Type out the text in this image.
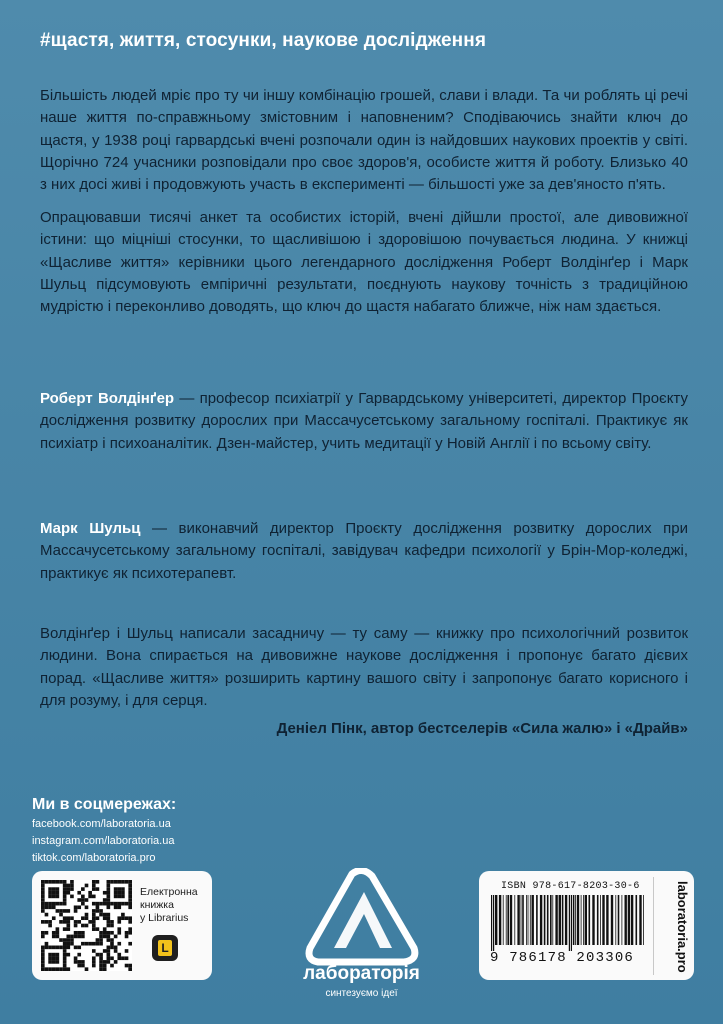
#щастя, життя, стосунки, наукове дослідження
Більшість людей мріє про ту чи іншу комбінацію грошей, слави і влади. Та чи роблять ці речі наше життя по-справжньому змістовним і наповненим? Сподіваючись знайти ключ до щастя, у 1938 році гарвардські вчені розпочали один із найдовших наукових проектів у світі. Щорічно 724 учасники розповідали про своє здоров'я, особисте життя й роботу. Близько 40 з них досі живі і продовжують участь в експерименті — більшості уже за дев'яносто п'ять.
Опрацювавши тисячі анкет та особистих історій, вчені дійшли простої, але дивовижної істини: що міцніші стосунки, то щасливішою і здоровішою почувається людина. У книжці «Щасливе життя» керівники цього легендарного дослідження Роберт Волдінґер і Марк Шульц підсумовують емпіричні результати, поєднують наукову точність з традиційною мудрістю і переконливо доводять, що ключ до щастя набагато ближче, ніж нам здається.
Роберт Волдінґер — професор психіатрії у Гарвардському університеті, директор Проєкту дослідження розвитку дорослих при Массачусетському загальному госпіталі. Практикує як психіатр і психоаналітик. Дзен-майстер, учить медитації у Новій Англії і по всьому світу.
Марк Шульц — виконавчий директор Проєкту дослідження розвитку дорослих при Массачусетському загальному госпіталі, завідувач кафедри психології у Брін-Мор-коледжі, практикує як психотерапевт.
Волдінґер і Шульц написали засадничу — ту саму — книжку про психологічний розвиток людини. Вона спирається на дивовижне наукове дослідження і пропонує багато дієвих порад. «Щасливе життя» розширить картину вашого світу і запропонує багато корисного і для розуму, і для серця.
Деніел Пінк, автор бестселерів «Сила жалю» і «Драйв»
Ми в соцмережах:
facebook.com/laboratoria.ua
instagram.com/laboratoria.ua
tiktok.com/laboratoria.pro
Електронна
книжка
у Librarius
L
лабораторія
синтезуємо ідеї
ISBN 978-617-8203-30-6
9 786178 203306	laboratoria.pro
